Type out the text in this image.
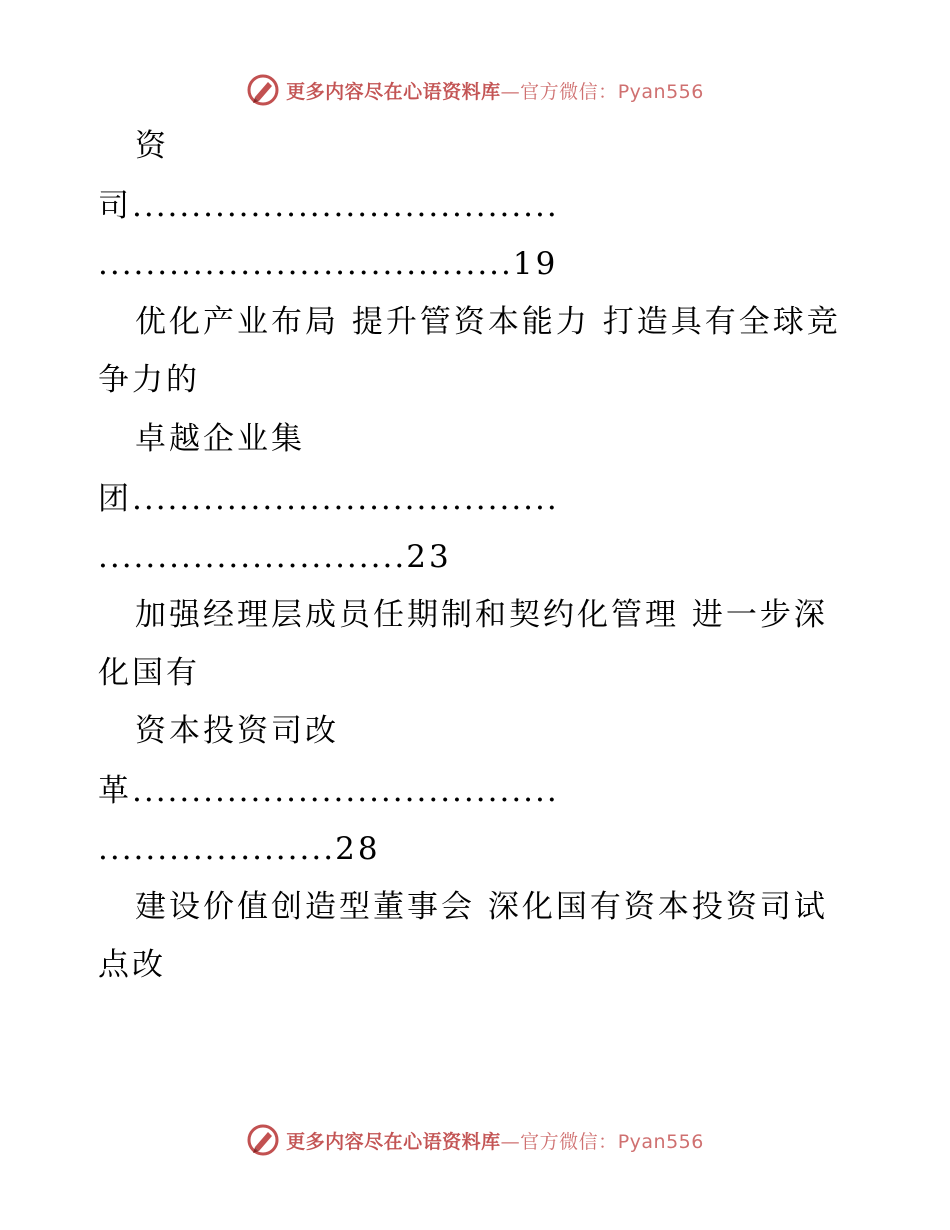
更多内容尽在心语资料库—官方微信：Pyan556
资
司....................................
...................................19
优化产业布局 提升管资本能力 打造具有全球竞
争力的
卓越企业集
团....................................
..........................23
加强经理层成员任期制和契约化管理 进一步深
化国有
资本投资司改
革....................................
....................28
建设价值创造型董事会 深化国有资本投资司试
点改
更多内容尽在心语资料库—官方微信：Pyan556
